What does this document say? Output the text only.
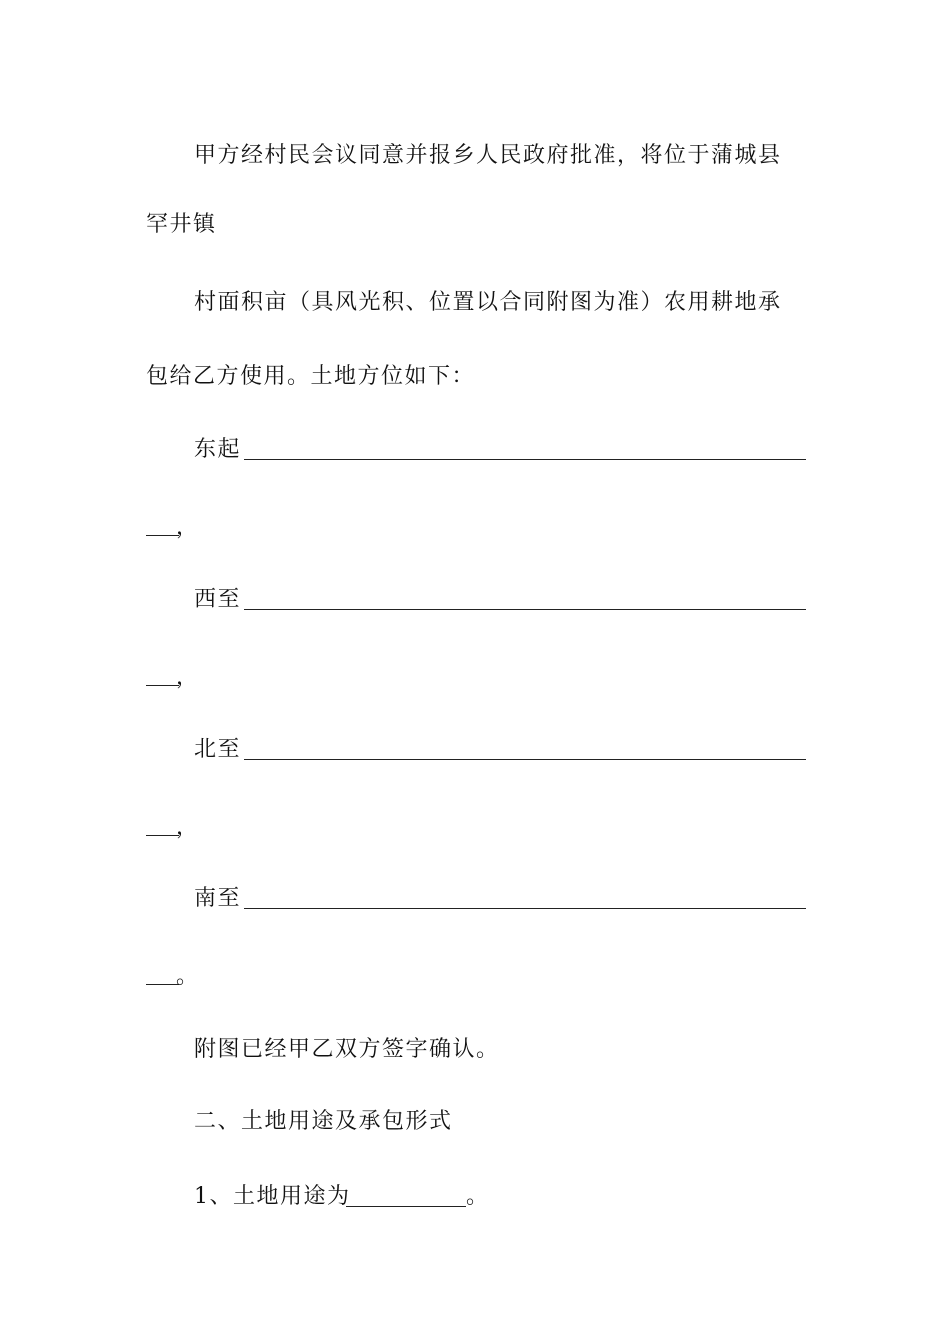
甲方经村民会议同意并报乡人民政府批准，将位于蒲城县
罕井镇
村面积亩（具风光积、位置以合同附图为准）农用耕地承
包给乙方使用。土地方位如下：
东起
，
西至
，
北至
，
南至
。
附图已经甲乙双方签字确认。
二、土地用途及承包形式
1、土地用途为	。
